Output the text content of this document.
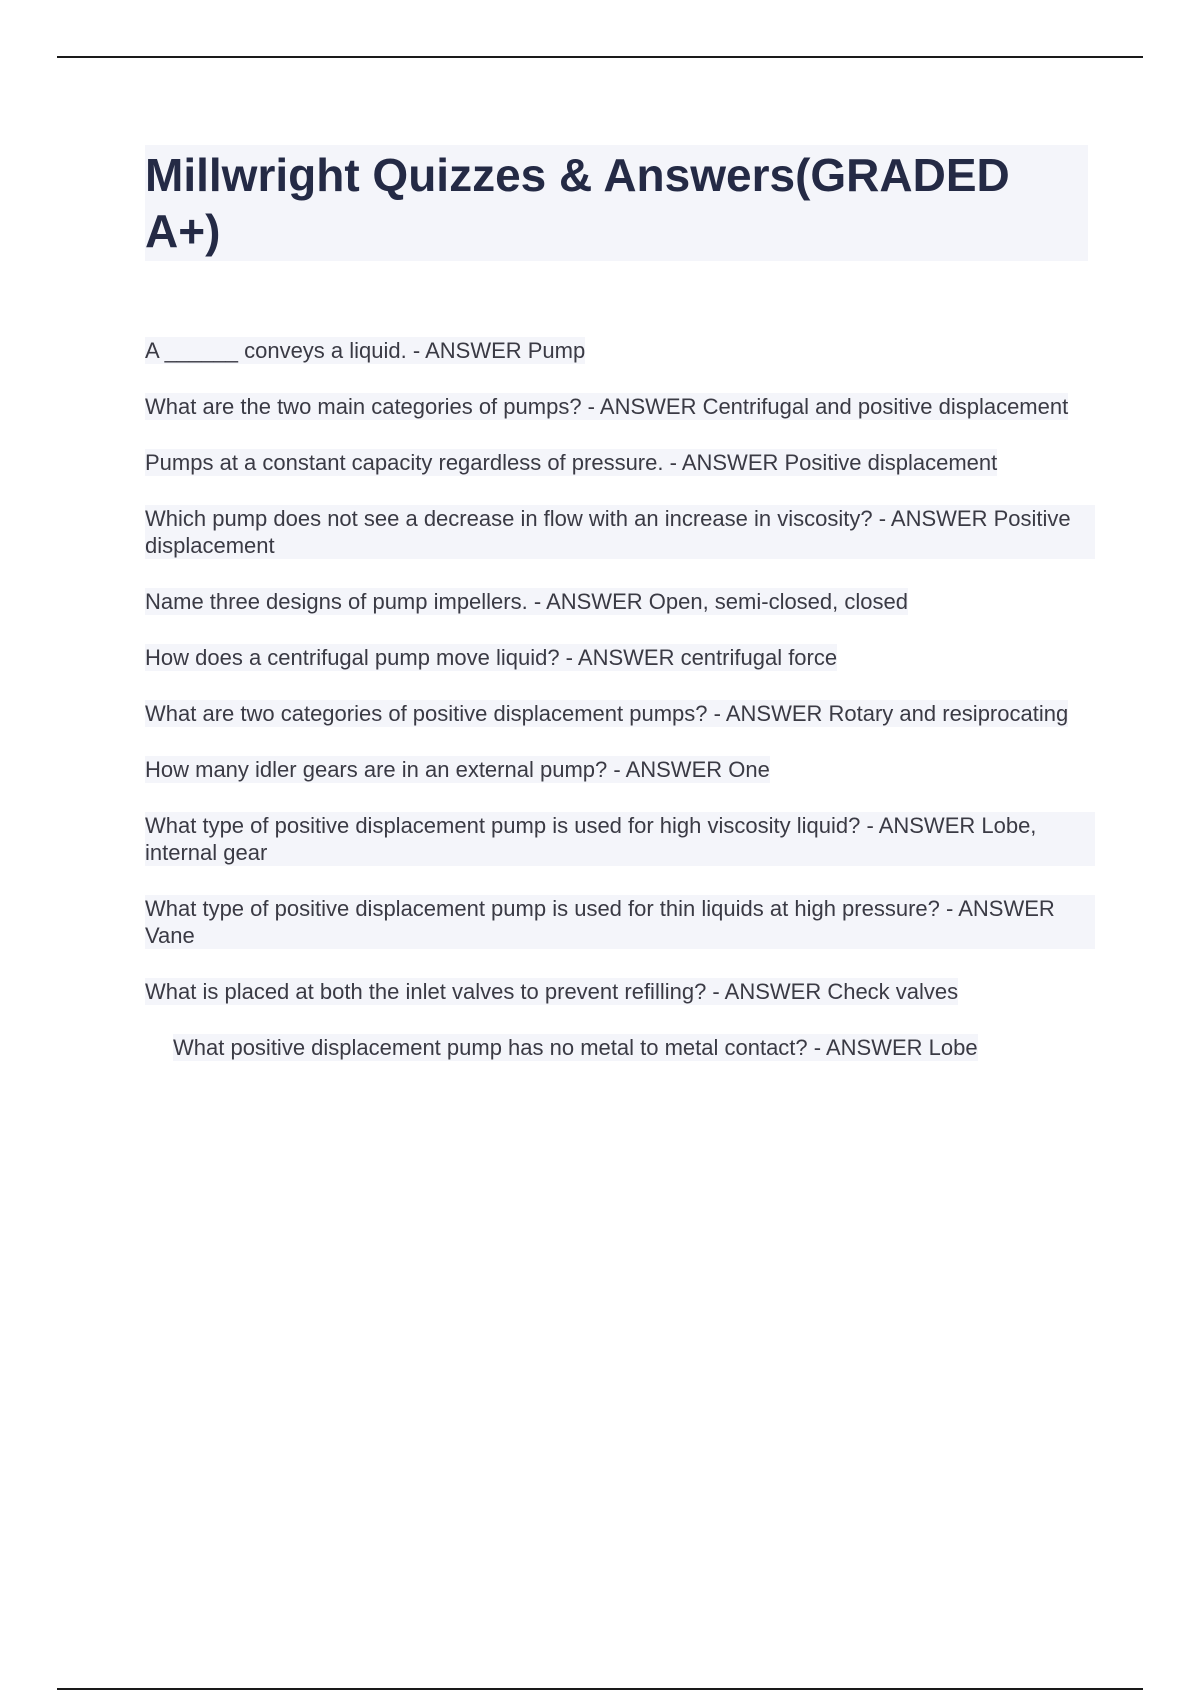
Millwright Quizzes & Answers(GRADED A+)
A ______ conveys a liquid. - ANSWER Pump
What are the two main categories of pumps? - ANSWER Centrifugal and positive displacement
Pumps at a constant capacity regardless of pressure. - ANSWER Positive displacement
Which pump does not see a decrease in flow with an increase in viscosity? - ANSWER Positive displacement
Name three designs of pump impellers. - ANSWER Open, semi-closed, closed
How does a centrifugal pump move liquid? - ANSWER centrifugal force
What are two categories of positive displacement pumps? - ANSWER Rotary and resiprocating
How many idler gears are in an external pump? - ANSWER One
What type of positive displacement pump is used for high viscosity liquid? - ANSWER Lobe, internal gear
What type of positive displacement pump is used for thin liquids at high pressure? - ANSWER Vane
What is placed at both the inlet valves to prevent refilling? - ANSWER Check valves
What positive displacement pump has no metal to metal contact? - ANSWER Lobe
